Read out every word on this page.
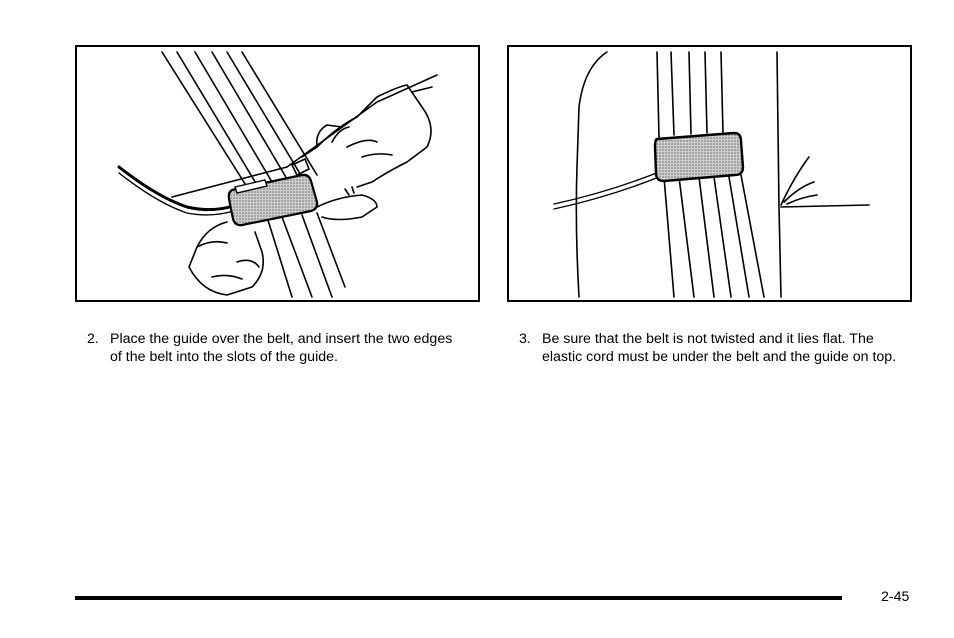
2. Place the guide over the belt, and insert the two edges of the belt into the slots of the guide.
3. Be sure that the belt is not twisted and it lies flat. The elastic cord must be under the belt and the guide on top.
2-45
